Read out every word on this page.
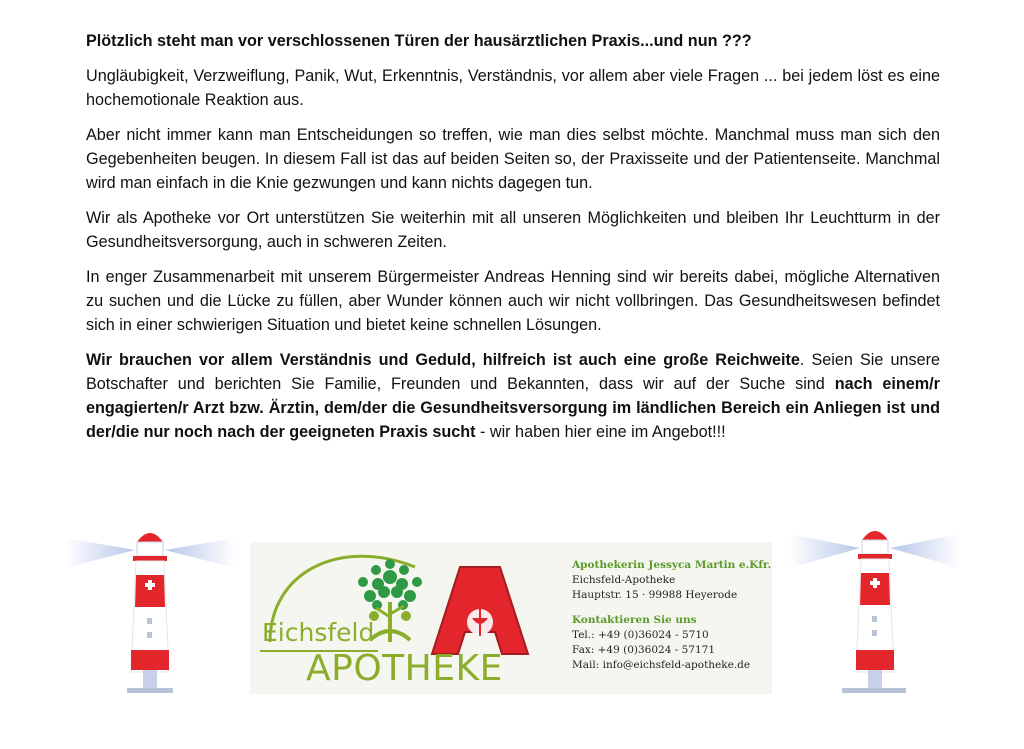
Plötzlich steht man vor verschlossenen Türen der hausärztlichen Praxis...und nun ???

Ungläubigkeit, Verzweiflung, Panik, Wut, Erkenntnis, Verständnis, vor allem aber viele Fragen ... bei jedem löst es eine hochemotionale Reaktion aus.

Aber nicht immer kann man Entscheidungen so treffen, wie man dies selbst möchte. Manchmal muss man sich den Gegebenheiten beugen. In diesem Fall ist das auf beiden Seiten so, der Praxisseite und der Patientenseite. Manchmal wird man einfach in die Knie gezwungen und kann nichts dagegen tun.

Wir als Apotheke vor Ort unterstützen Sie weiterhin mit all unseren Möglichkeiten und bleiben Ihr Leuchtturm in der Gesundheitsversorgung, auch in schweren Zeiten.

In enger Zusammenarbeit mit unserem Bürgermeister Andreas Henning sind wir bereits dabei, mögliche Alternativen zu suchen und die Lücke zu füllen, aber Wunder können auch wir nicht vollbringen. Das Gesundheitswesen befindet sich in einer schwierigen Situation und bietet keine schnellen Lösungen.

Wir brauchen vor allem Verständnis und Geduld, hilfreich ist auch eine große Reichweite. Seien Sie unsere Botschafter und berichten Sie Familie, Freunden und Bekannten, dass wir auf der Suche sind nach einem/r engagierten/r Arzt bzw. Ärztin, dem/der die Gesundheitsversorgung im ländlichen Bereich ein Anliegen ist und der/die nur noch nach der geeigneten Praxis sucht - wir haben hier eine im Angebot!!!

Eichsfeld
APOTHEKE
Apothekerin Jessyca Martin e.Kfr.
Eichsfeld-Apotheke
Hauptstr. 15 · 99988 Heyerode
Kontaktieren Sie uns
Tel.: +49 (0)36024 - 5710
Fax: +49 (0)36024 - 57171
Mail: info@eichsfeld-apotheke.de
